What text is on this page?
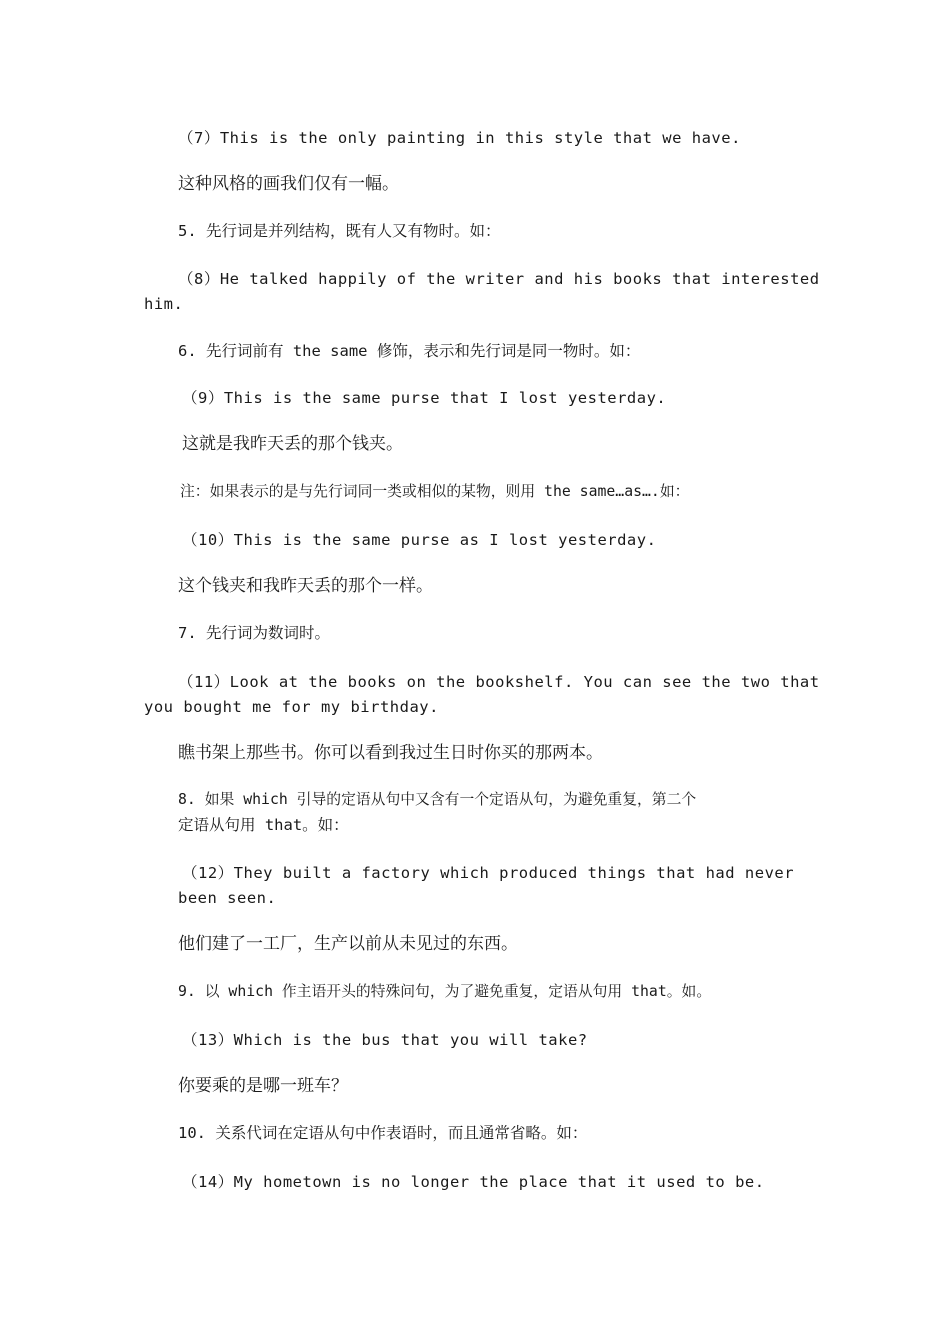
（7）This is the only painting in this style that we have.
这种风格的画我们仅有一幅。
5. 先行词是并列结构，既有人又有物时。如：
（8）He talked happily of the writer and his books that interested
him.
6. 先行词前有 the same 修饰，表示和先行词是同一物时。如：
（9）This is the same purse that I lost yesterday.
这就是我昨天丢的那个钱夹。
注：如果表示的是与先行词同一类或相似的某物，则用 the same…as….如：
（10）This is the same purse as I lost yesterday.
这个钱夹和我昨天丢的那个一样。
7. 先行词为数词时。
（11）Look at the books on the bookshelf. You can see the two that
you bought me for my birthday.
瞧书架上那些书。你可以看到我过生日时你买的那两本。
8. 如果 which 引导的定语从句中又含有一个定语从句，为避免重复，第二个
定语从句用 that。如：
（12）They built a factory which produced things that had never
been seen.
他们建了一工厂，生产以前从未见过的东西。
9. 以 which 作主语开头的特殊问句，为了避免重复，定语从句用 that。如。
（13）Which is the bus that you will take?
你要乘的是哪一班车？
10. 关系代词在定语从句中作表语时，而且通常省略。如：
（14）My hometown is no longer the place that it used to be.
